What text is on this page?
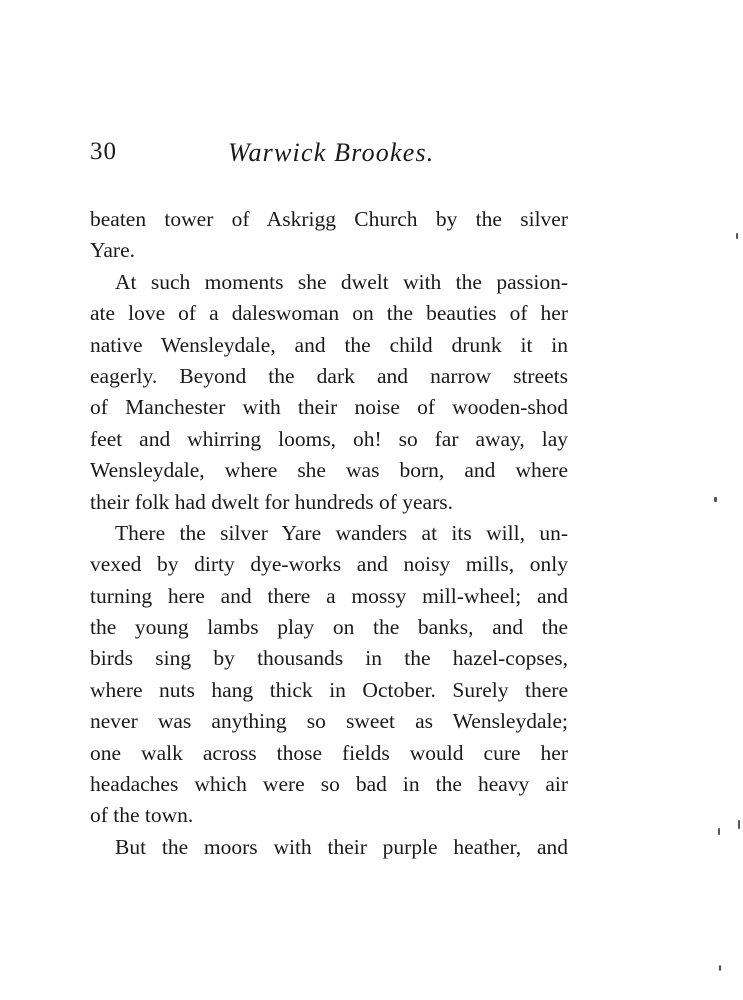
30	Warwick Brookes.
beaten tower of Askrigg Church by the silver
Yare.
At such moments she dwelt with the passion-
ate love of a daleswoman on the beauties of her
native Wensleydale, and the child drunk it in
eagerly. Beyond the dark and narrow streets
of Manchester with their noise of wooden-shod
feet and whirring looms, oh! so far away, lay
Wensleydale, where she was born, and where
their folk had dwelt for hundreds of years.
There the silver Yare wanders at its will, un-
vexed by dirty dye-works and noisy mills, only
turning here and there a mossy mill-wheel; and
the young lambs play on the banks, and the
birds sing by thousands in the hazel-copses,
where nuts hang thick in October. Surely there
never was anything so sweet as Wensleydale;
one walk across those fields would cure her
headaches which were so bad in the heavy air
of the town.
But the moors with their purple heather, and
